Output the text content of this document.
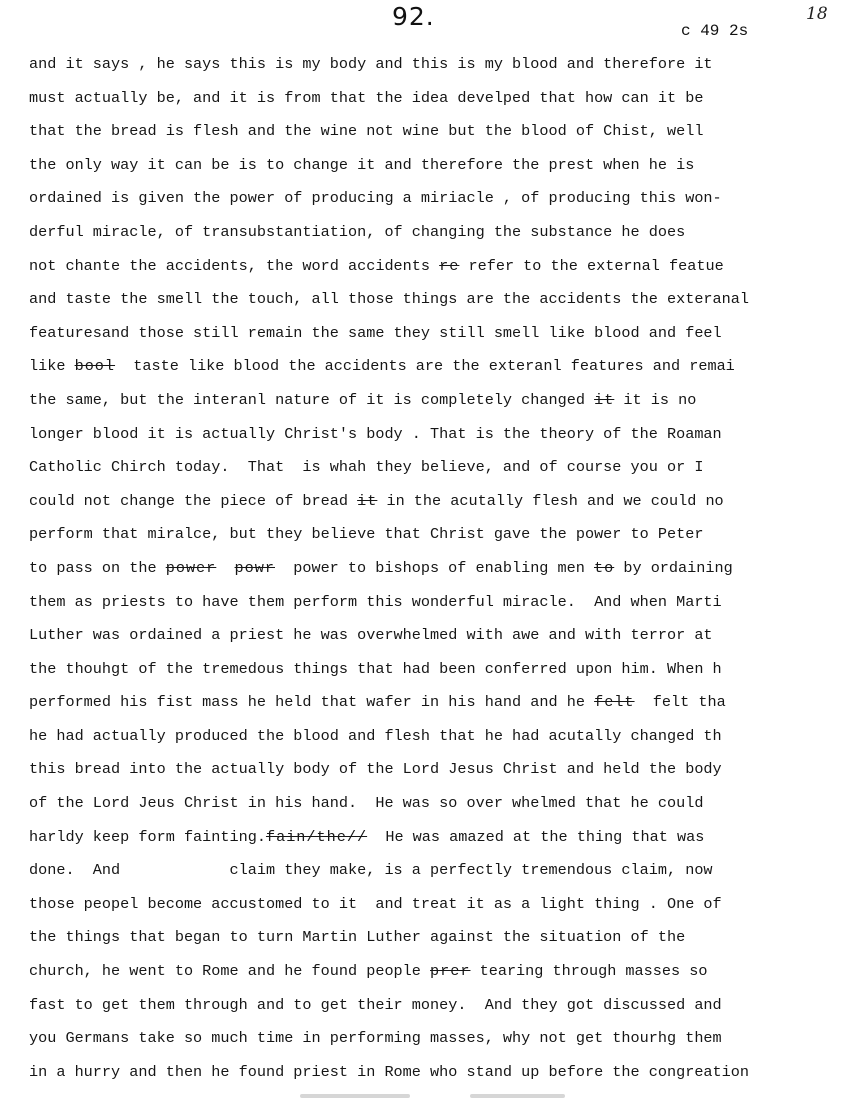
92.	c 49 2s
18
and it says , he says this is my body and this is my blood and therefore it
must actually be, and it is from that the idea develped that how can it be
that the bread is flesh and the wine not wine but the blood of Chist, well
the only way it can be is to change it and therefore the prest when he is
ordained is given the power of producing a miriacle , of producing this won-
derful miracle, of transubstantiation, of changing the substance he does
not chante the accidents, the word accidents re refer to the external featue
and taste the smell the touch, all those things are the accidents the exteranal
featuresand those still remain the same they still smell like blood and feel
like bool  taste like blood the accidents are the exteranl features and remai
the same, but the interanl nature of it is completely changed it it is no
longer blood it is actually Christ's body . That is the theory of the Roaman
Catholic Chirch today.  That  is whah they believe, and of course you or I
could not change the piece of bread it in the acutally flesh and we could no
perform that miralce, but they believe that Christ gave the power to Peter
to pass on the power powr  power to bishops of enabling men to by ordaining
them as priests to have them perform this wonderful miracle.  And when Marti
Luther was ordained a priest he was overwhelmed with awe and with terror at
the thouhgt of the tremedous things that had been conferred upon him. When h
performed his fist mass he held that wafer in his hand and he felt  felt tha
he had actually produced the blood and flesh that he had acutally changed th
this bread into the actually body of the Lord Jesus Christ and held the body
of the Lord Jeus Christ in his hand.  He was so over whelmed that he could
harldy keep form fainting.fain/the//  He was amazed at the thing that was
done.  And            claim they make, is a perfectly tremendous claim, now
those peopel become accustomed to it  and treat it as a light thing . One of
the things that began to turn Martin Luther against the situation of the
church, he went to Rome and he found people prer tearing through masses so
fast to get them through and to get their money.  And they got discussed and
you Germans take so much time in performing masses, why not get thourhg them
in a hurry and then he found priest in Rome who stand up before the congreation
